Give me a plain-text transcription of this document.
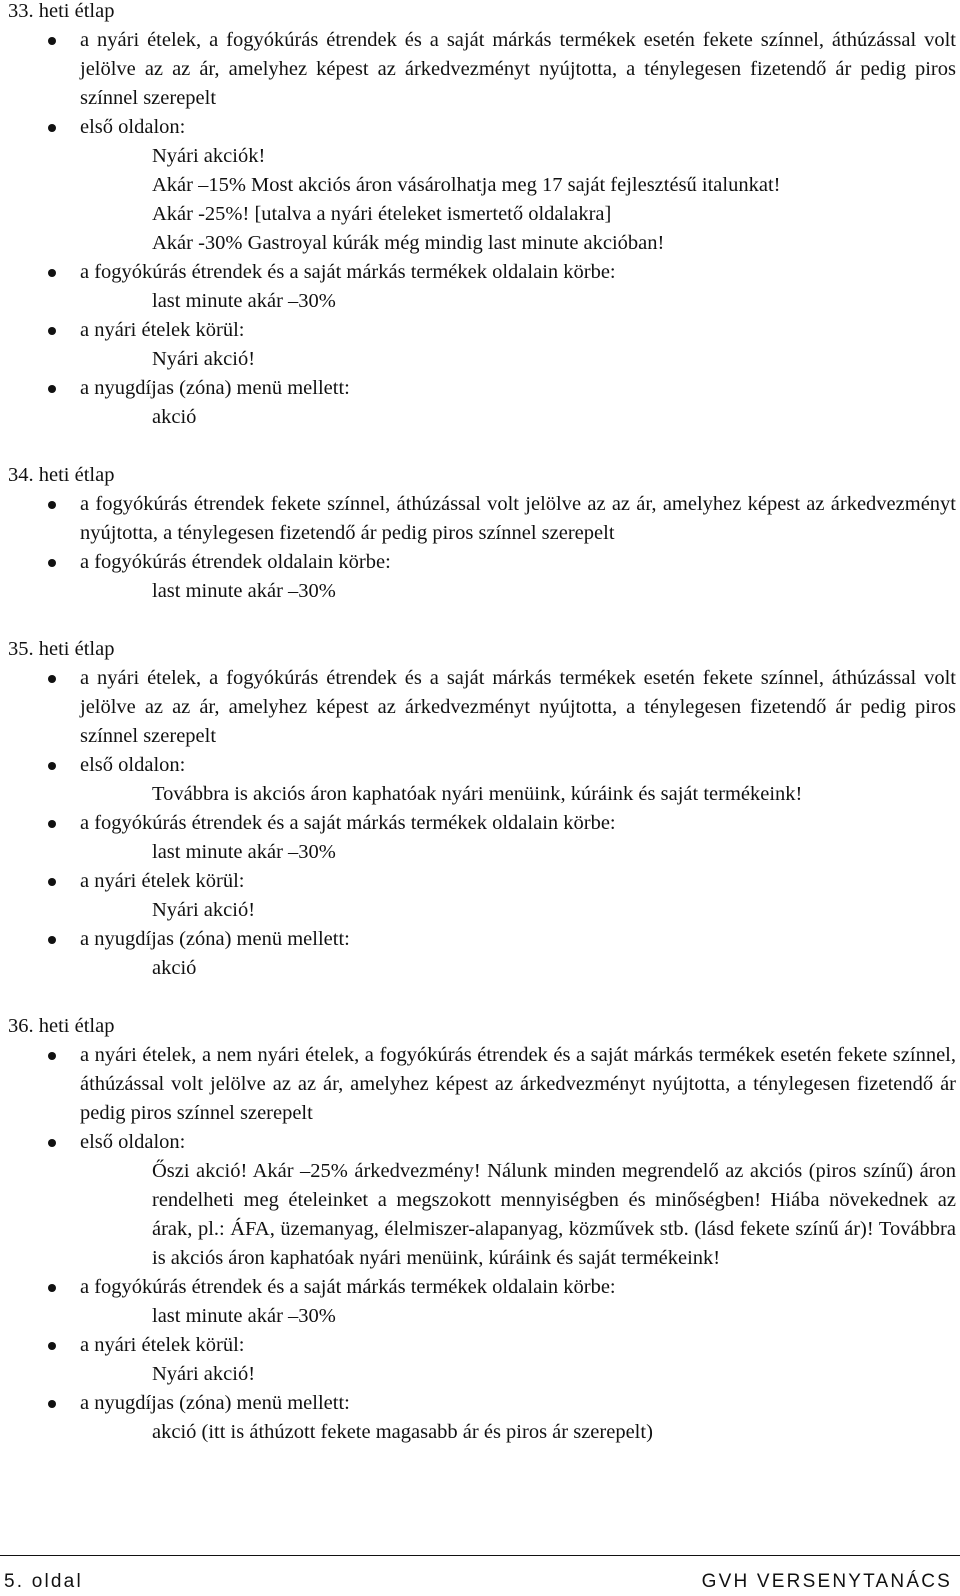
33. heti étlap
a nyári ételek, a fogyókúrás étrendek és a saját márkás termékek esetén fekete színnel, áthúzással volt jelölve az az ár, amelyhez képest az árkedvezményt nyújtotta, a ténylegesen fizetendő ár pedig piros színnel szerepelt
első oldalon:
Nyári akciók!
Akár –15% Most akciós áron vásárolhatja meg 17 saját fejlesztésű italunkat!
Akár -25%! [utalva a nyári ételeket ismertető oldalakra]
Akár -30% Gastroyal kúrák még mindig last minute akcióban!
a fogyókúrás étrendek és a saját márkás termékek oldalain körbe:
last minute akár –30%
a nyári ételek körül:
Nyári akció!
a nyugdíjas (zóna) menü mellett:
akció
34. heti étlap
a fogyókúrás étrendek fekete színnel, áthúzással volt jelölve az az ár, amelyhez képest az árkedvezményt nyújtotta, a ténylegesen fizetendő ár pedig piros színnel szerepelt
a fogyókúrás étrendek oldalain körbe:
last minute akár –30%
35. heti étlap
a nyári ételek, a fogyókúrás étrendek és a saját márkás termékek esetén fekete színnel, áthúzással volt jelölve az az ár, amelyhez képest az árkedvezményt nyújtotta, a ténylegesen fizetendő ár pedig piros színnel szerepelt
első oldalon:
Továbbra is akciós áron kaphatóak nyári menüink, kúráink és saját termékeink!
a fogyókúrás étrendek és a saját márkás termékek oldalain körbe:
last minute akár –30%
a nyári ételek körül:
Nyári akció!
a nyugdíjas (zóna) menü mellett:
akció
36. heti étlap
a nyári ételek, a nem nyári ételek, a fogyókúrás étrendek és a saját márkás termékek esetén fekete színnel, áthúzással volt jelölve az az ár, amelyhez képest az árkedvezményt nyújtotta, a ténylegesen fizetendő ár pedig piros színnel szerepelt
első oldalon:
Őszi akció! Akár –25% árkedvezmény! Nálunk minden megrendelő az akciós (piros színű) áron rendelheti meg ételeinket a megszokott mennyiségben és minőségben! Hiába növekednek az árak, pl.: ÁFA, üzemanyag, élelmiszer-alapanyag, közművek stb. (lásd fekete színű ár)! Továbbra is akciós áron kaphatóak nyári menüink, kúráink és saját termékeink!
a fogyókúrás étrendek és a saját márkás termékek oldalain körbe:
last minute akár –30%
a nyári ételek körül:
Nyári akció!
a nyugdíjas (zóna) menü mellett:
akció (itt is áthúzott fekete magasabb ár és piros ár szerepelt)
5. oldal	GVH VERSENYTANÁCS
